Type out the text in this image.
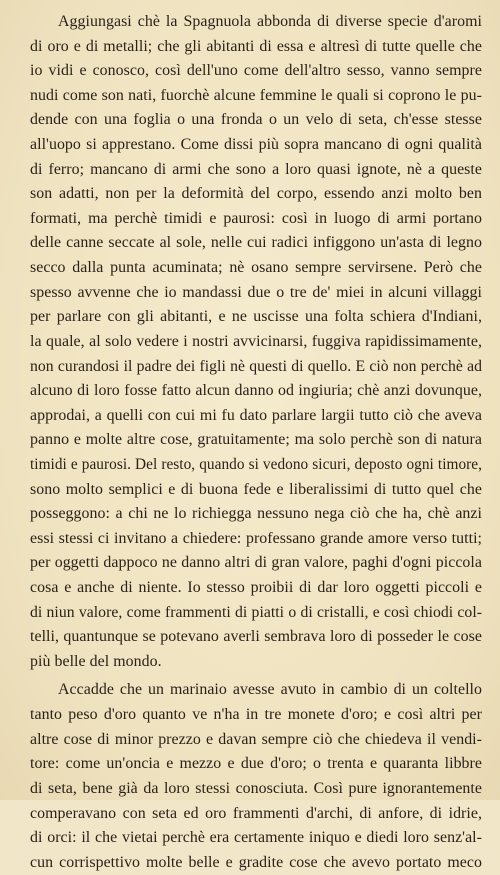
Aggiungasi chè la Spagnuola abbonda di diverse specie d'aromi
di oro e di metalli; che gli abitanti di essa e altresì di tutte quelle che
io vidi e conosco, così dell'uno come dell'altro sesso, vanno sempre
nudi come son nati, fuorchè alcune femmine le quali si coprono le pu-
dende con una foglia o una fronda o un velo di seta, ch'esse stesse
all'uopo si apprestano. Come dissi più sopra mancano di ogni qualità
di ferro; mancano di armi che sono a loro quasi ignote, nè a queste
son adatti, non per la deformità del corpo, essendo anzi molto ben
formati, ma perchè timidi e paurosi: così in luogo di armi portano
delle canne seccate al sole, nelle cui radici infiggono un'asta di legno
secco dalla punta acuminata; nè osano sempre servirsene. Però che
spesso avvenne che io mandassi due o tre de' miei in alcuni villaggi
per parlare con gli abitanti, e ne uscisse una folta schiera d'Indiani,
la quale, al solo vedere i nostri avvicinarsi, fuggiva rapidissimamente,
non curandosi il padre dei figli nè questi di quello. E ciò non perchè ad
alcuno di loro fosse fatto alcun danno od ingiuria; chè anzi dovunque,
approdai, a quelli con cui mi fu dato parlare largii tutto ciò che aveva
panno e molte altre cose, gratuitamente; ma solo perchè son di natura
timidi e paurosi. Del resto, quando si vedono sicuri, deposto ogni timore,
sono molto semplici e di buona fede e liberalissimi di tutto quel che
posseggono: a chi ne lo richiegga nessuno nega ciò che ha, chè anzi
essi stessi ci invitano a chiedere: professano grande amore verso tutti;
per oggetti dappoco ne danno altri di gran valore, paghi d'ogni piccola
cosa e anche di niente. Io stesso proibii di dar loro oggetti piccoli e
di niun valore, come frammenti di piatti o di cristalli, e così chiodi col-
telli, quantunque se potevano averli sembrava loro di posseder le cose
più belle del mondo.
Accadde che un marinaio avesse avuto in cambio di un coltello
tanto peso d'oro quanto ve n'ha in tre monete d'oro; e così altri per
altre cose di minor prezzo e davan sempre ciò che chiedeva il vendi-
tore: come un'oncia e mezzo e due d'oro; o trenta e quaranta libbre
di seta, bene già da loro stessi conosciuta. Così pure ignorantemente
comperavano con seta ed oro frammenti d'archi, di anfore, di idrie,
di orci: il che vietai perchè era certamente iniquo e diedi loro senz'al-
cun corrispettivo molte belle e gradite cose che avevo portato meco
